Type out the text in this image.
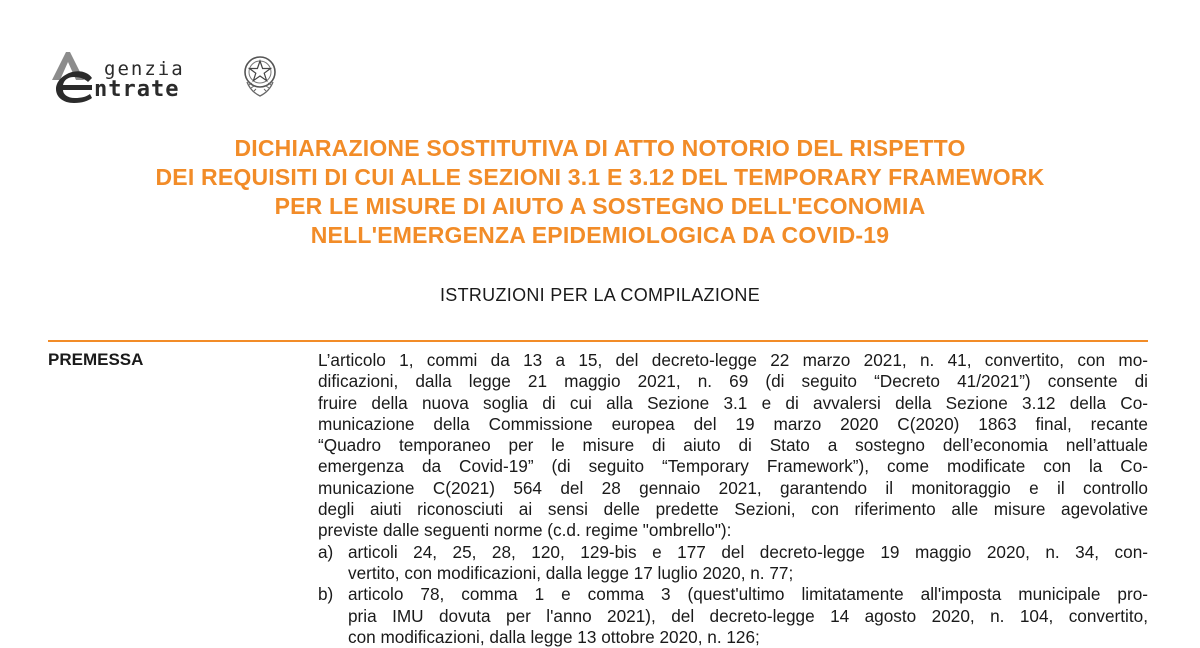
genzia
ntrate
DICHIARAZIONE SOSTITUTIVA DI ATTO NOTORIO DEL RISPETTO
DEI REQUISITI DI CUI ALLE SEZIONI 3.1 E 3.12 DEL TEMPORARY FRAMEWORK
PER LE MISURE DI AIUTO A SOSTEGNO DELL'ECONOMIA
NELL'EMERGENZA EPIDEMIOLOGICA DA COVID-19
ISTRUZIONI PER LA COMPILAZIONE
PREMESSA	L’articolo 1, commi da 13 a 15, del decreto-legge 22 marzo 2021, n. 41, convertito, con mo-
dificazioni, dalla legge 21 maggio 2021, n. 69 (di seguito “Decreto 41/2021”) consente di
fruire della nuova soglia di cui alla Sezione 3.1 e di avvalersi della Sezione 3.12 della Co-
municazione della Commissione europea del 19 marzo 2020 C(2020) 1863 final, recante
“Quadro temporaneo per le misure di aiuto di Stato a sostegno dell’economia nell’attuale
emergenza da Covid-19” (di seguito “Temporary Framework”), come modificate con la Co-
municazione C(2021) 564 del 28 gennaio 2021, garantendo il monitoraggio e il controllo
degli aiuti riconosciuti ai sensi delle predette Sezioni, con riferimento alle misure agevolative
previste dalle seguenti norme (c.d. regime "ombrello"):
a) articoli 24, 25, 28, 120, 129-bis e 177 del decreto-legge 19 maggio 2020, n. 34, con-
vertito, con modificazioni, dalla legge 17 luglio 2020, n. 77;
b) articolo 78, comma 1 e comma 3 (quest'ultimo limitatamente all'imposta municipale pro-
pria IMU dovuta per l'anno 2021), del decreto-legge 14 agosto 2020, n. 104, convertito,
con modificazioni, dalla legge 13 ottobre 2020, n. 126;
